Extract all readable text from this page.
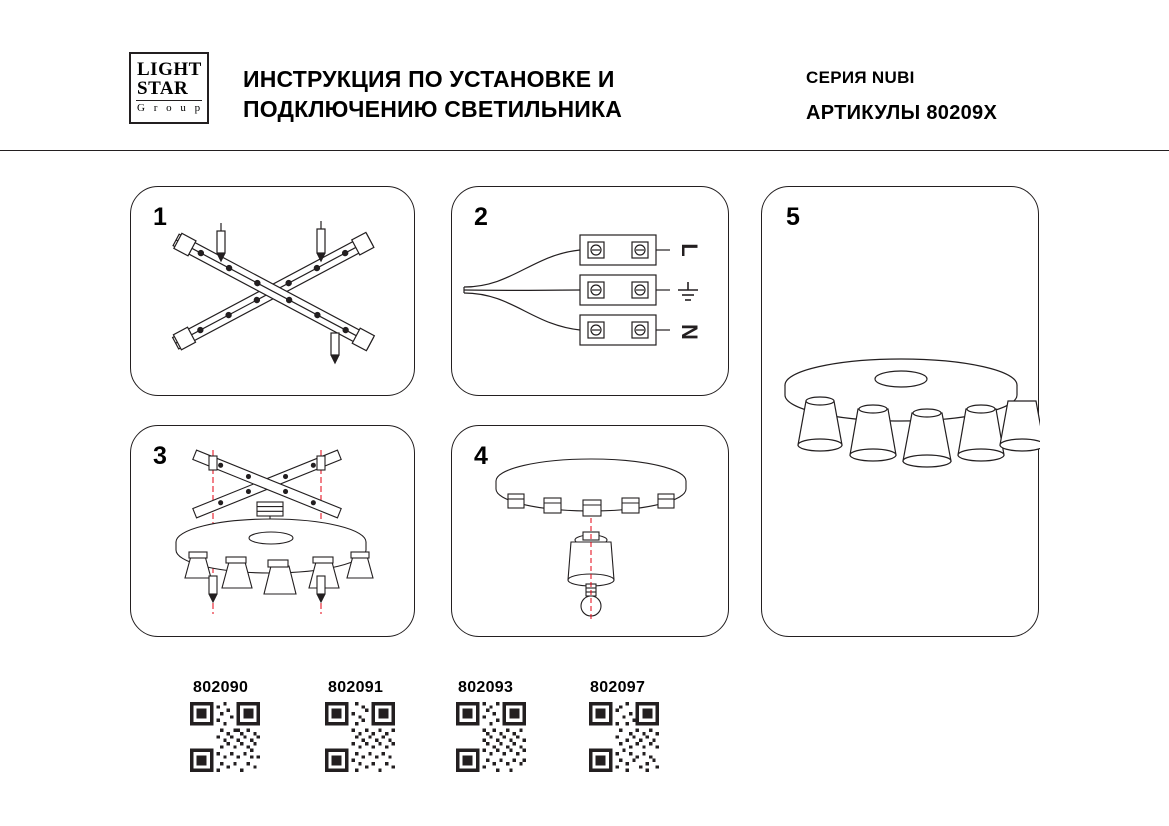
LIGHT
STAR
G r o u p
ИНСТРУКЦИЯ ПО УСТАНОВКЕ И ПОДКЛЮЧЕНИЮ СВЕТИЛЬНИКА
СЕРИЯ NUBI
АРТИКУЛЫ 80209X
1	2
L
N
3	4
5
802090	802091	802093	802097
